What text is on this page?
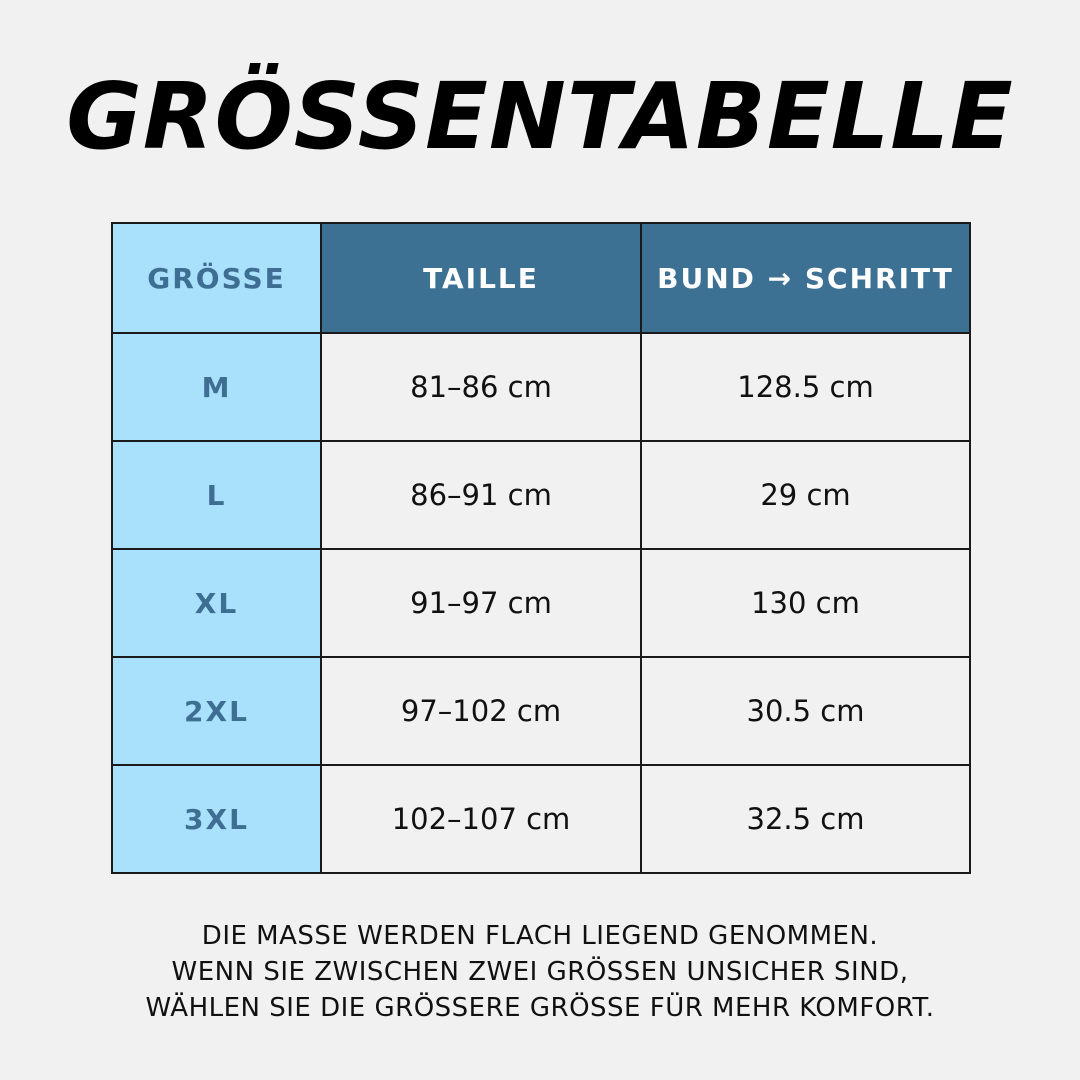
GRÖSSENTABELLE
GRÖSSE	TAILLE	BUND → SCHRITT
M	81–86 cm	128.5 cm
L	86–91 cm	29 cm
XL	91–97 cm	130 cm
2XL	97–102 cm	30.5 cm
3XL	102–107 cm	32.5 cm
DIE MASSE WERDEN FLACH LIEGEND GENOMMEN.
WENN SIE ZWISCHEN ZWEI GRÖSSEN UNSICHER SIND,
WÄHLEN SIE DIE GRÖSSERE GRÖSSE FÜR MEHR KOMFORT.
